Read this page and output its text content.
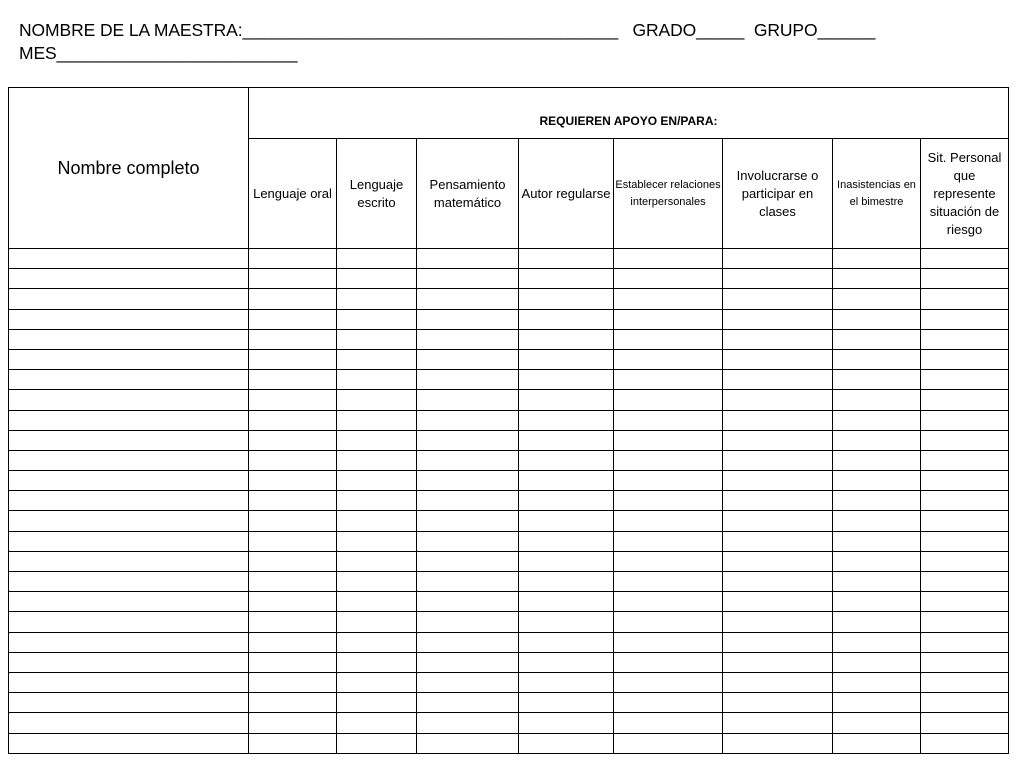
NOMBRE DE LA MAESTRA:_______________________________________   GRADO_____  GRUPO______
MES_________________________
Nombre completo	REQUIEREN APOYO EN/PARA:							
	Lenguaje oral	Lenguaje escrito	Pensamiento matemático	Autor regularse	Establecer relaciones interpersonales	Involucrarse o participar en clases	Inasistencias en el bimestre	Sit. Personal que represente situación de riesgo
